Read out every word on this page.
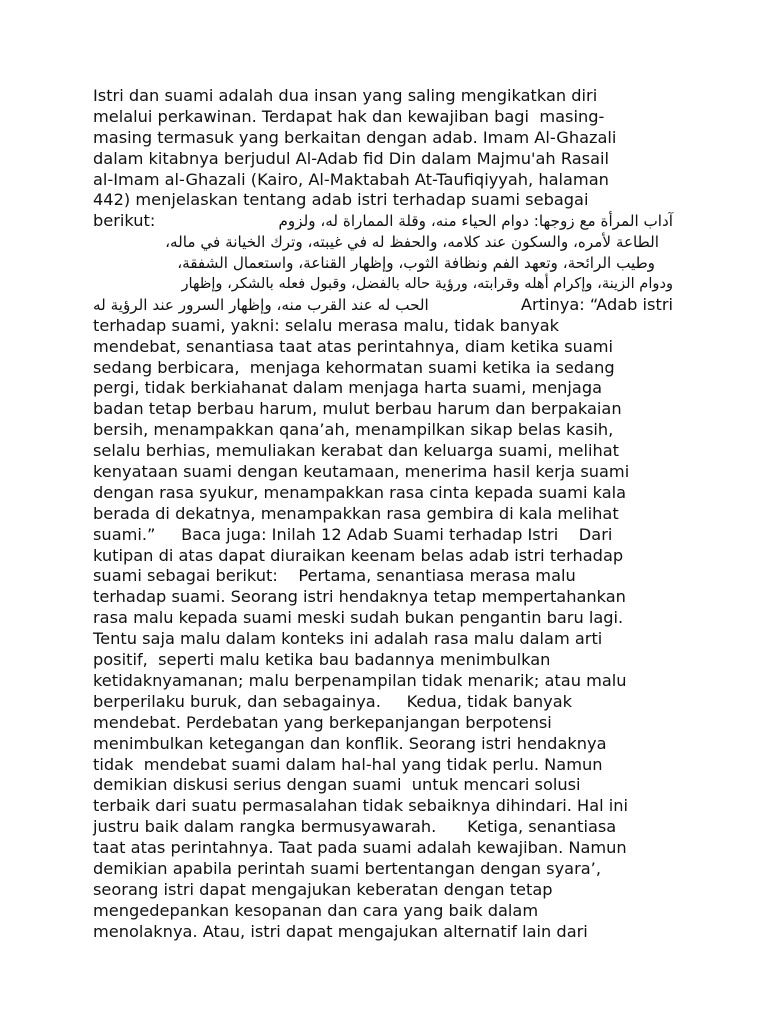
Istri dan suami adalah dua insan yang saling mengikatkan diri
melalui perkawinan. Terdapat hak dan kewajiban bagi  masing-
masing termasuk yang berkaitan dengan adab. Imam Al-Ghazali
dalam kitabnya berjudul Al-Adab fid Din dalam Majmu'ah Rasail
al-Imam al-Ghazali (Kairo, Al-Maktabah At-Taufiqiyyah, halaman
442) menjelaskan tentang adab istri terhadap suami sebagai
berikut:	آداب المرأة مع زوجها: دوام الحياء منه، وقلة المماراة له، ولزوم
الطاعة لأمره، والسكون عند كلامه، والحفظ له في غيبته، وترك الخيانة في ماله،
وطيب الرائحة، وتعهد الفم ونظافة الثوب، وإظهار القناعة، واستعمال الشفقة،
ودوام الزينة، وإكرام أهله وقرابته، ورؤية حاله بالفضل، وقبول فعله بالشكر، وإظهار
الحب له عند القرب منه، وإظهار السرور عند الرؤية له	Artinya: “Adab istri
terhadap suami, yakni: selalu merasa malu, tidak banyak
mendebat, senantiasa taat atas perintahnya, diam ketika suami
sedang berbicara,  menjaga kehormatan suami ketika ia sedang
pergi, tidak berkiahanat dalam menjaga harta suami, menjaga
badan tetap berbau harum, mulut berbau harum dan berpakaian
bersih, menampakkan qana’ah, menampilkan sikap belas kasih,
selalu berhias, memuliakan kerabat dan keluarga suami, melihat
kenyataan suami dengan keutamaan, menerima hasil kerja suami
dengan rasa syukur, menampakkan rasa cinta kepada suami kala
berada di dekatnya, menampakkan rasa gembira di kala melihat
suami.”     Baca juga: Inilah 12 Adab Suami terhadap Istri    Dari
kutipan di atas dapat diuraikan keenam belas adab istri terhadap
suami sebagai berikut:    Pertama, senantiasa merasa malu
terhadap suami. Seorang istri hendaknya tetap mempertahankan
rasa malu kepada suami meski sudah bukan pengantin baru lagi.
Tentu saja malu dalam konteks ini adalah rasa malu dalam arti
positif,  seperti malu ketika bau badannya menimbulkan
ketidaknyamanan; malu berpenampilan tidak menarik; atau malu
berperilaku buruk, dan sebagainya.     Kedua, tidak banyak
mendebat. Perdebatan yang berkepanjangan berpotensi
menimbulkan ketegangan dan konflik. Seorang istri hendaknya
tidak  mendebat suami dalam hal-hal yang tidak perlu. Namun
demikian diskusi serius dengan suami  untuk mencari solusi
terbaik dari suatu permasalahan tidak sebaiknya dihindari. Hal ini
justru baik dalam rangka bermusyawarah.      Ketiga, senantiasa
taat atas perintahnya. Taat pada suami adalah kewajiban. Namun
demikian apabila perintah suami bertentangan dengan syara’,
seorang istri dapat mengajukan keberatan dengan tetap
mengedepankan kesopanan dan cara yang baik dalam
menolaknya. Atau, istri dapat mengajukan alternatif lain dari
